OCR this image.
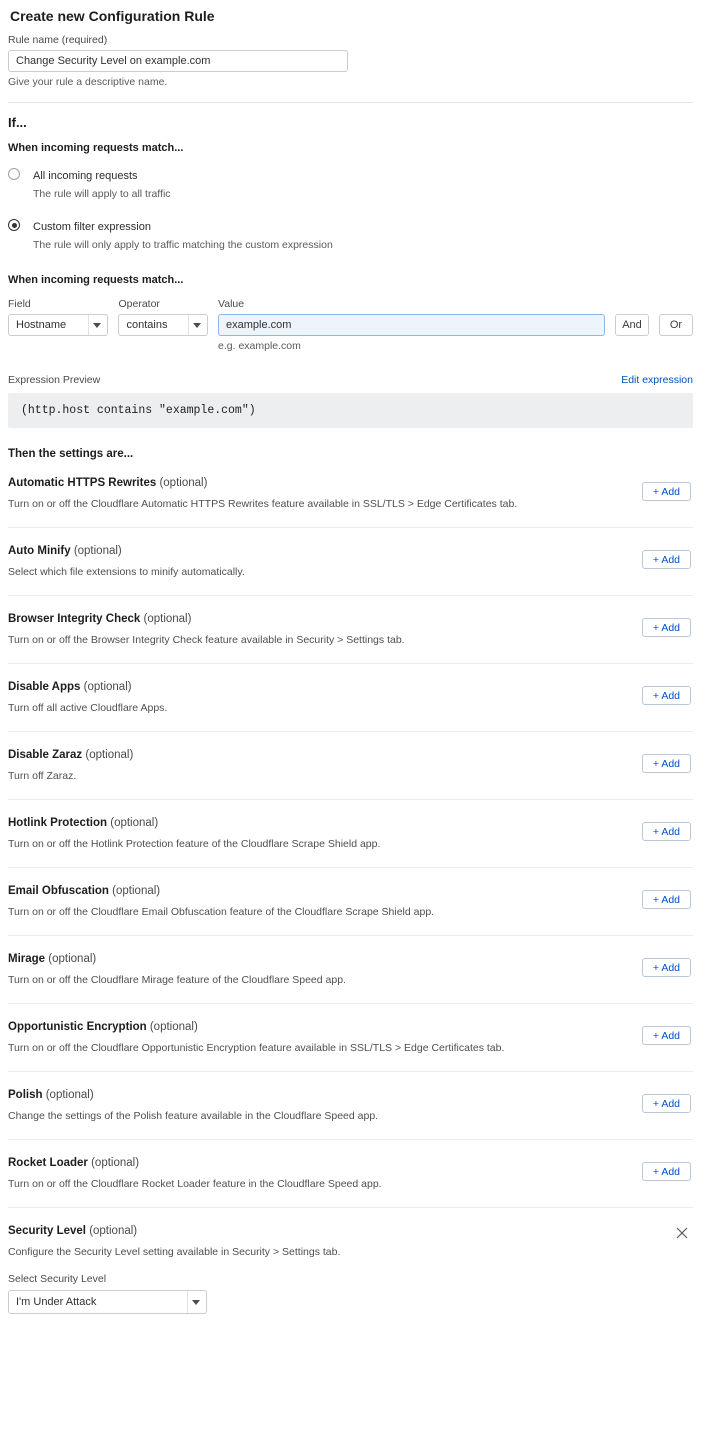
Create new Configuration Rule
Rule name (required)
Change Security Level on example.com
Give your rule a descriptive name.
If...
When incoming requests match...
All incoming requests
The rule will apply to all traffic
Custom filter expression
The rule will only apply to traffic matching the custom expression
When incoming requests match...
Field
Hostname
Operator
contains
Value
example.com
e.g. example.com
And	Or
Expression Preview	Edit expression
(http.host contains "example.com")
Then the settings are...
Automatic HTTPS Rewrites (optional)
Turn on or off the Cloudflare Automatic HTTPS Rewrites feature available in SSL/TLS > Edge Certificates tab.
+ Add
Auto Minify (optional)
Select which file extensions to minify automatically.
+ Add
Browser Integrity Check (optional)
Turn on or off the Browser Integrity Check feature available in Security > Settings tab.
+ Add
Disable Apps (optional)
Turn off all active Cloudflare Apps.
+ Add
Disable Zaraz (optional)
Turn off Zaraz.
+ Add
Hotlink Protection (optional)
Turn on or off the Hotlink Protection feature of the Cloudflare Scrape Shield app.
+ Add
Email Obfuscation (optional)
Turn on or off the Cloudflare Email Obfuscation feature of the Cloudflare Scrape Shield app.
+ Add
Mirage (optional)
Turn on or off the Cloudflare Mirage feature of the Cloudflare Speed app.
+ Add
Opportunistic Encryption (optional)
Turn on or off the Cloudflare Opportunistic Encryption feature available in SSL/TLS > Edge Certificates tab.
+ Add
Polish (optional)
Change the settings of the Polish feature available in the Cloudflare Speed app.
+ Add
Rocket Loader (optional)
Turn on or off the Cloudflare Rocket Loader feature in the Cloudflare Speed app.
+ Add
Security Level (optional)
Configure the Security Level setting available in Security > Settings tab.
Select Security Level
I'm Under Attack
